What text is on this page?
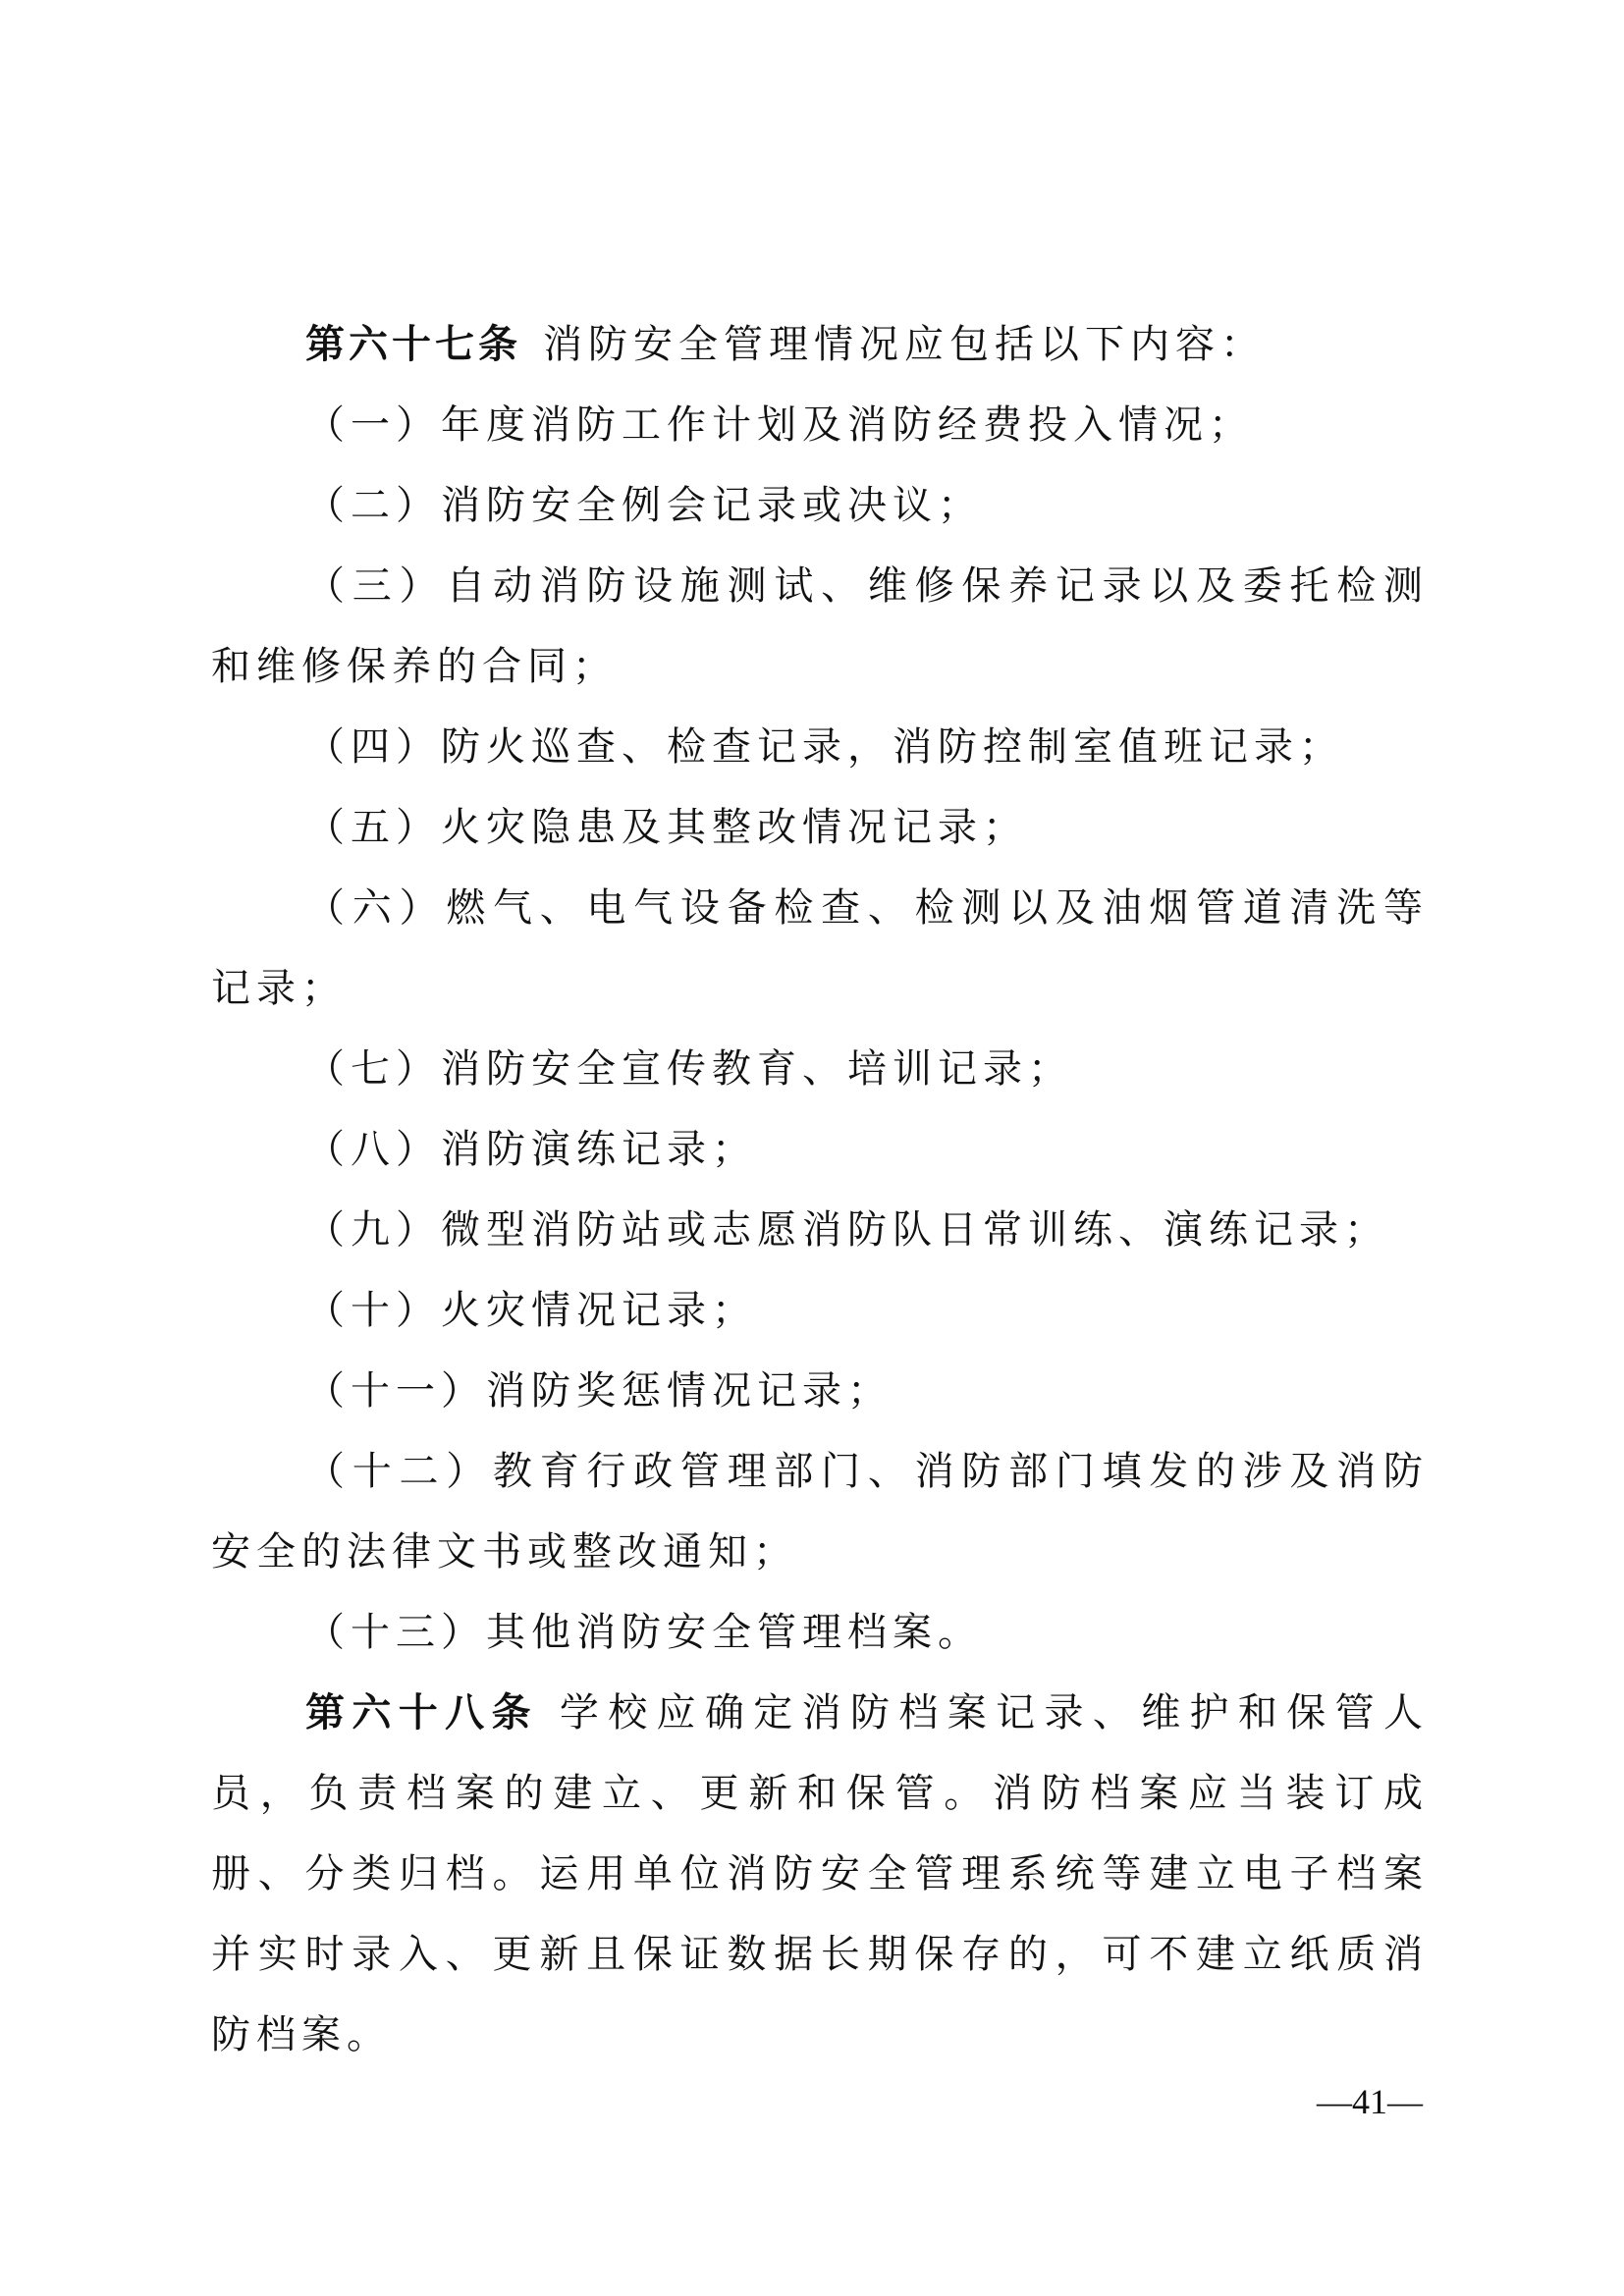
第六十七条 消防安全管理情况应包括以下内容：

（一）年度消防工作计划及消防经费投入情况；

（二）消防安全例会记录或决议；

（三）自动消防设施测试、维修保养记录以及委托检测和维修保养的合同；

（四）防火巡查、检查记录，消防控制室值班记录；

（五）火灾隐患及其整改情况记录；

（六）燃气、电气设备检查、检测以及油烟管道清洗等记录；

（七）消防安全宣传教育、培训记录；

（八）消防演练记录；

（九）微型消防站或志愿消防队日常训练、演练记录；

（十）火灾情况记录；

（十一）消防奖惩情况记录；

（十二）教育行政管理部门、消防部门填发的涉及消防安全的法律文书或整改通知；

（十三）其他消防安全管理档案。

第六十八条 学校应确定消防档案记录、维护和保管人员，负责档案的建立、更新和保管。消防档案应当装订成册、分类归档。运用单位消防安全管理系统等建立电子档案并实时录入、更新且保证数据长期保存的，可不建立纸质消防档案。

—41—
